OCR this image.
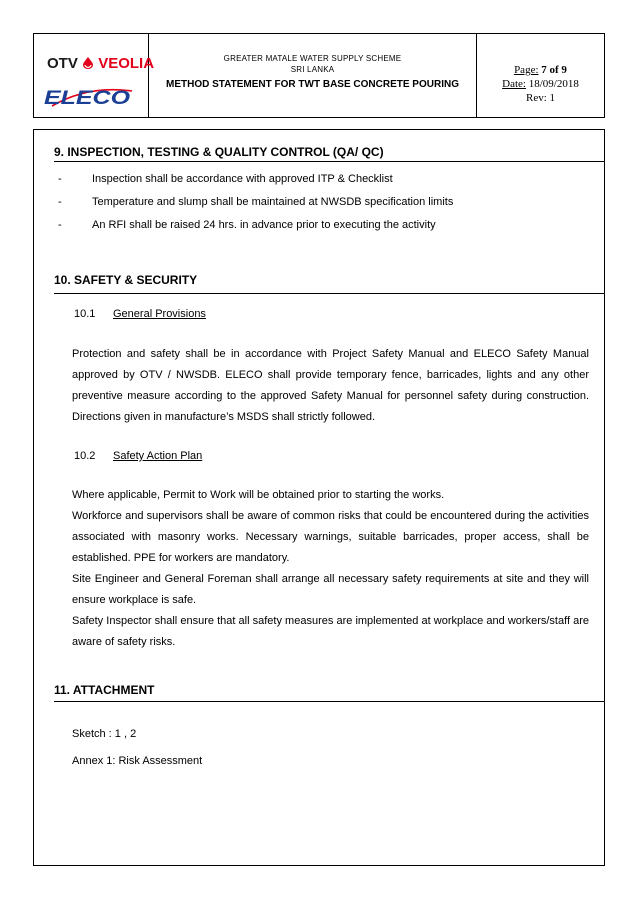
OTV VEOLIA
ELECO
GREATER MATALE WATER SUPPLY SCHEME
SRI LANKA
METHOD STATEMENT FOR TWT BASE CONCRETE POURING
Page: 7 of 9
Date: 18/09/2018
Rev: 1
9. INSPECTION, TESTING & QUALITY CONTROL (QA/ QC)
-	Inspection shall be accordance with approved ITP & Checklist
-	Temperature and slump shall be maintained at NWSDB specification limits
-	An RFI shall be raised 24 hrs. in advance prior to executing the activity
10. SAFETY & SECURITY
10.1 General Provisions
Protection and safety shall be in accordance with Project Safety Manual and ELECO Safety Manual approved by OTV / NWSDB. ELECO shall provide temporary fence, barricades, lights and any other preventive measure according to the approved Safety Manual for personnel safety during construction. Directions given in manufacture’s MSDS shall strictly followed.
10.2 Safety Action Plan
Where applicable, Permit to Work will be obtained prior to starting the works.
Workforce and supervisors shall be aware of common risks that could be encountered during the activities associated with masonry works. Necessary warnings, suitable barricades, proper access, shall be established. PPE for workers are mandatory.
Site Engineer and General Foreman shall arrange all necessary safety requirements at site and they will ensure workplace is safe.
Safety Inspector shall ensure that all safety measures are implemented at workplace and workers/staff are aware of safety risks.
11. ATTACHMENT
Sketch : 1 , 2
Annex 1: Risk Assessment
